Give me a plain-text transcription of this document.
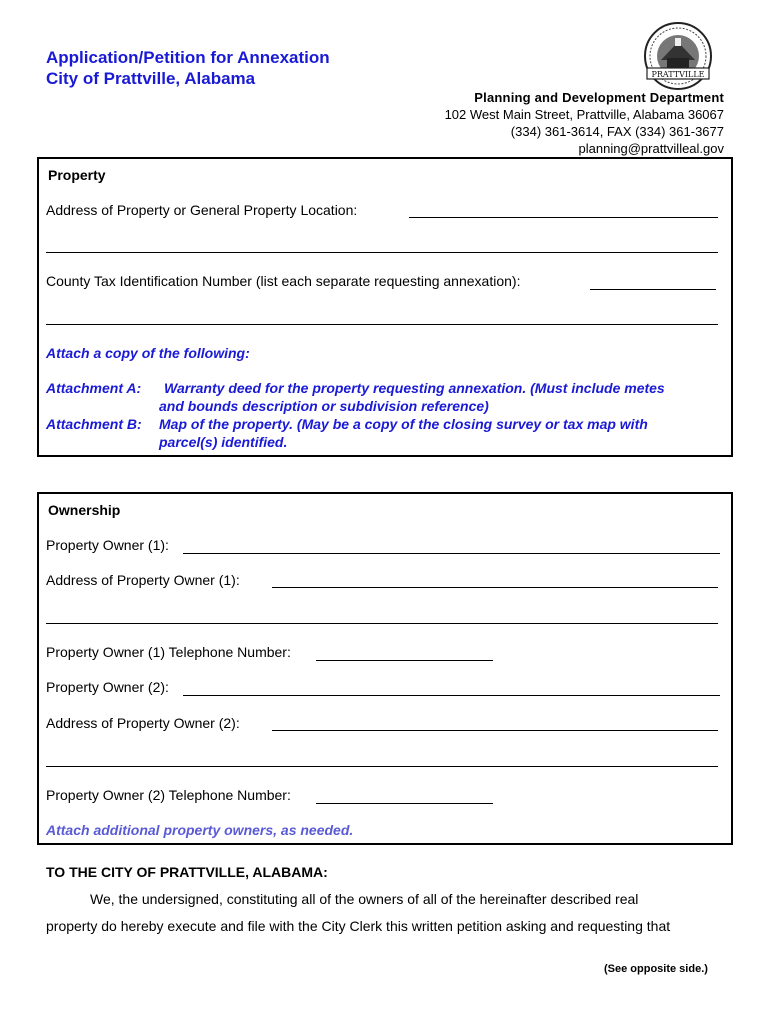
Application/Petition for Annexation
City of Prattville, Alabama	PRATTVILLE
Planning and Development Department
102 West Main Street, Prattville, Alabama 36067
(334) 361-3614, FAX (334) 361-3677
planning@prattvilleal.gov
Property
Address of Property or General Property Location:
County Tax Identification Number (list each separate requesting annexation):
Attach a copy of the following:
Attachment A: Warranty deed for the property requesting annexation. (Must include metes
and bounds description or subdivision reference)
Attachment B: Map of the property. (May be a copy of the closing survey or tax map with
parcel(s) identified.
Ownership
Property Owner (1):
Address of Property Owner (1):
Property Owner (1) Telephone Number:
Property Owner (2):
Address of Property Owner (2):
Property Owner (2) Telephone Number:
Attach additional property owners, as needed.
TO THE CITY OF PRATTVILLE, ALABAMA:
We, the undersigned, constituting all of the owners of all of the hereinafter described real
property do hereby execute and file with the City Clerk this written petition asking and requesting that
(See opposite side.)
